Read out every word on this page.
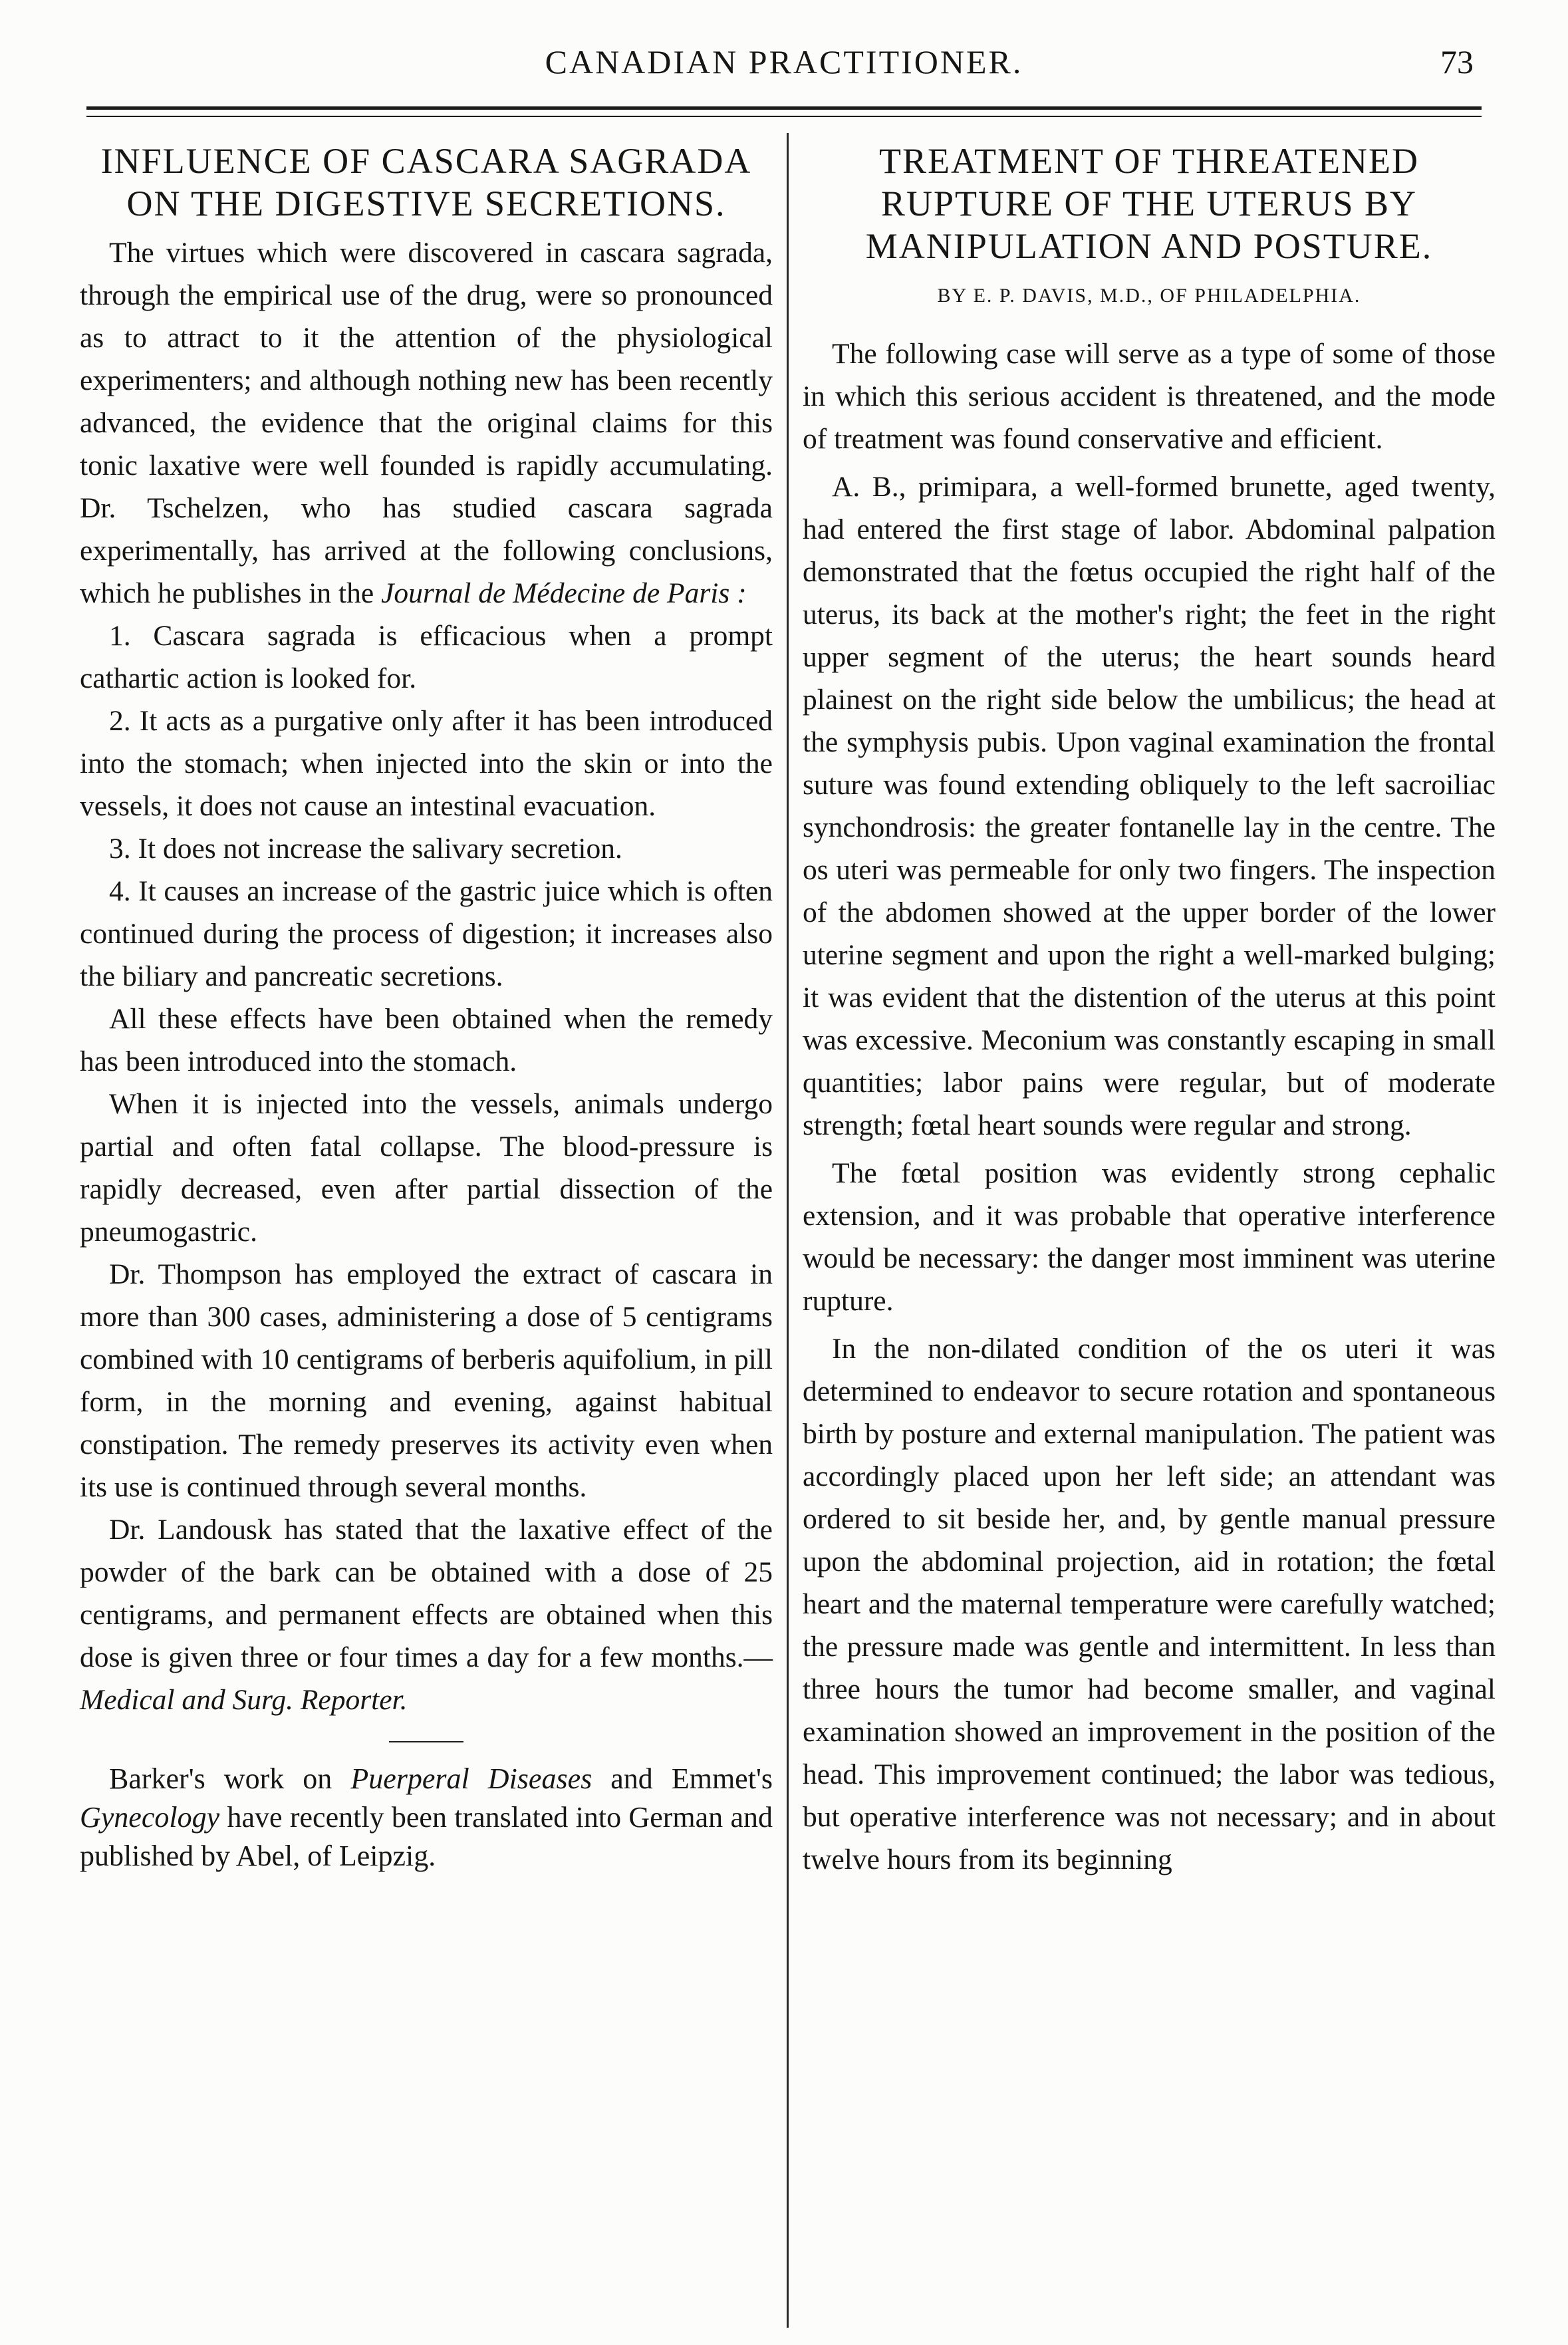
CANADIAN PRACTITIONER.	73
INFLUENCE OF CASCARA SAGRADA ON THE DIGESTIVE SECRETIONS.

The virtues which were discovered in cascara sagrada, through the empirical use of the drug, were so pronounced as to attract to it the attention of the physiological experimenters; and although nothing new has been recently advanced, the evidence that the original claims for this tonic laxative were well founded is rapidly accumulating. Dr. Tschelzen, who has studied cascara sagrada experimentally, has arrived at the following conclusions, which he publishes in the Journal de Médecine de Paris :

1. Cascara sagrada is efficacious when a prompt cathartic action is looked for.

2. It acts as a purgative only after it has been introduced into the stomach; when injected into the skin or into the vessels, it does not cause an intestinal evacuation.

3. It does not increase the salivary secretion.

4. It causes an increase of the gastric juice which is often continued during the process of digestion; it increases also the biliary and pancreatic secretions.

All these effects have been obtained when the remedy has been introduced into the stomach.

When it is injected into the vessels, animals undergo partial and often fatal collapse. The blood-pressure is rapidly decreased, even after partial dissection of the pneumogastric.

Dr. Thompson has employed the extract of cascara in more than 300 cases, administering a dose of 5 centigrams combined with 10 centigrams of berberis aquifolium, in pill form, in the morning and evening, against habitual constipation. The remedy preserves its activity even when its use is continued through several months.

Dr. Landousk has stated that the laxative effect of the powder of the bark can be obtained with a dose of 25 centigrams, and permanent effects are obtained when this dose is given three or four times a day for a few months.— Medical and Surg. Reporter.

Barker's work on Puerperal Diseases and Emmet's Gynecology have recently been translated into German and published by Abel, of Leipzig.

TREATMENT OF THREATENED RUPTURE OF THE UTERUS BY MANIPULATION AND POSTURE.
BY E. P. DAVIS, M.D., OF PHILADELPHIA.

The following case will serve as a type of some of those in which this serious accident is threatened, and the mode of treatment was found conservative and efficient.

A. B., primipara, a well-formed brunette, aged twenty, had entered the first stage of labor. Abdominal palpation demonstrated that the fœtus occupied the right half of the uterus, its back at the mother's right; the feet in the right upper segment of the uterus; the heart sounds heard plainest on the right side below the umbilicus; the head at the symphysis pubis. Upon vaginal examination the frontal suture was found extending obliquely to the left sacroiliac synchondrosis: the greater fontanelle lay in the centre. The os uteri was permeable for only two fingers. The inspection of the abdomen showed at the upper border of the lower uterine segment and upon the right a well-marked bulging; it was evident that the distention of the uterus at this point was excessive. Meconium was constantly escaping in small quantities; labor pains were regular, but of moderate strength; fœtal heart sounds were regular and strong.

The fœtal position was evidently strong cephalic extension, and it was probable that operative interference would be necessary: the danger most imminent was uterine rupture.

In the non-dilated condition of the os uteri it was determined to endeavor to secure rotation and spontaneous birth by posture and external manipulation. The patient was accordingly placed upon her left side; an attendant was ordered to sit beside her, and, by gentle manual pressure upon the abdominal projection, aid in rotation; the fœtal heart and the maternal temperature were carefully watched; the pressure made was gentle and intermittent. In less than three hours the tumor had become smaller, and vaginal examination showed an improvement in the position of the head. This improvement continued; the labor was tedious, but operative interference was not necessary; and in about twelve hours from its beginning
